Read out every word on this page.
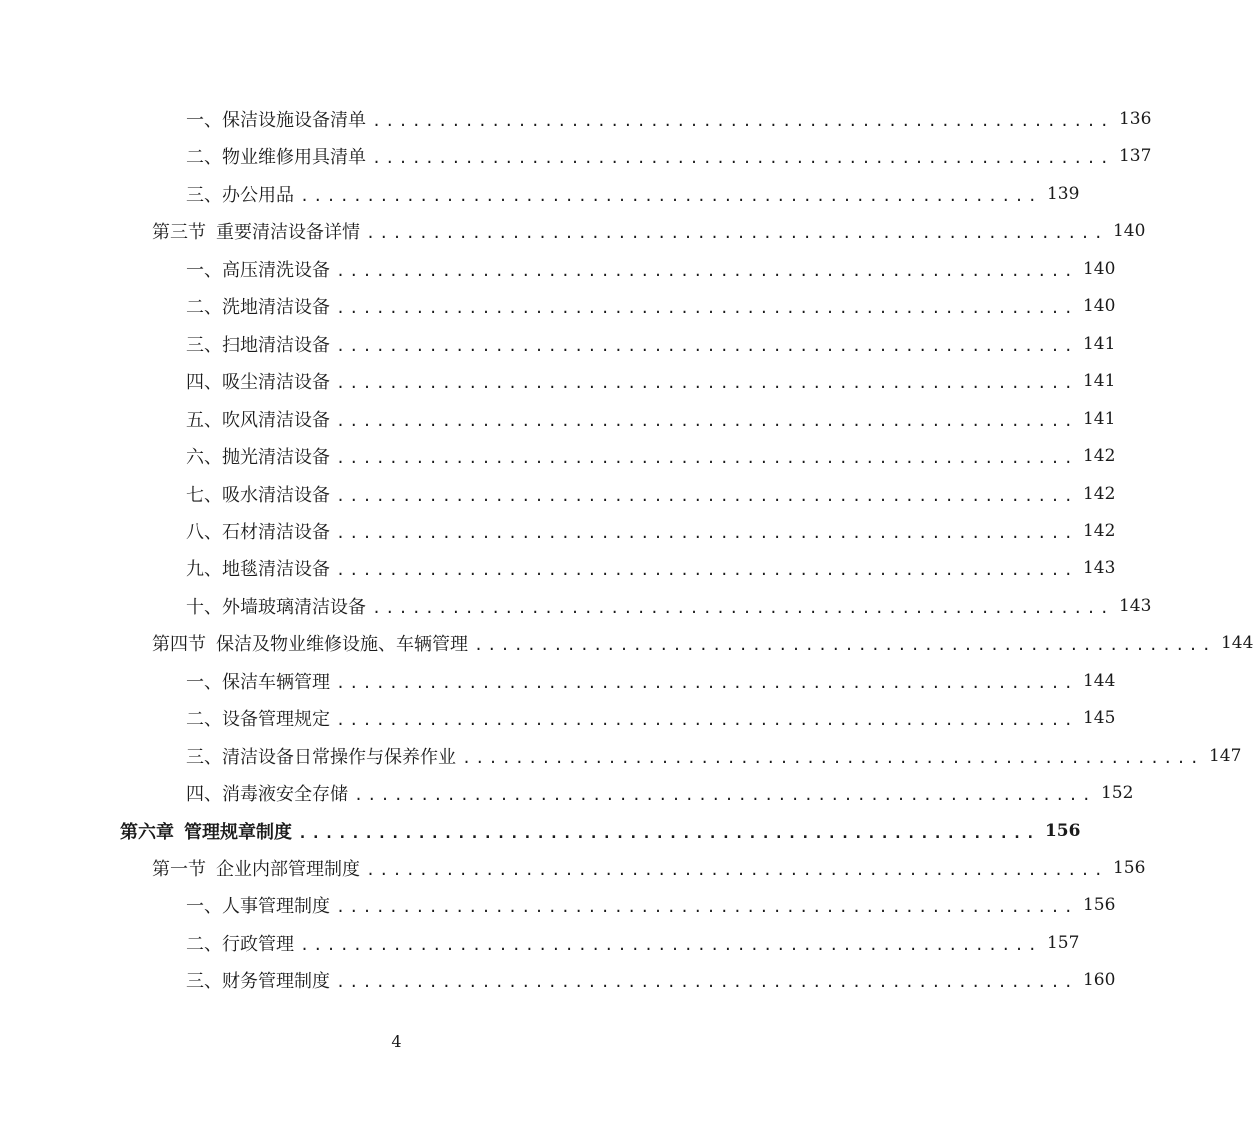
一、 保洁设施设备清单 ........................................................ 136
二、 物业维修用具清单 ........................................................ 137
三、 办公用品 ........................................................ 139
第三节 重要清洁设备详情 ........................................................ 140
一、 高压清洗设备 ........................................................ 140
二、 洗地清洁设备 ........................................................ 140
三、 扫地清洁设备 ........................................................ 141
四、 吸尘清洁设备 ........................................................ 141
五、 吹风清洁设备 ........................................................ 141
六、 抛光清洁设备 ........................................................ 142
七、 吸水清洁设备 ........................................................ 142
八、 石材清洁设备 ........................................................ 142
九、 地毯清洁设备 ........................................................ 143
十、 外墙玻璃清洁设备 ........................................................ 143
第四节 保洁及物业维修设施、车辆管理 ........................................................ 144
一、 保洁车辆管理 ........................................................ 144
二、 设备管理规定 ........................................................ 145
三、 清洁设备日常操作与保养作业 ........................................................ 147
四、 消毒液安全存储 ........................................................ 152
第六章 管理规章制度 ........................................................ 156
第一节 企业内部管理制度 ........................................................ 156
一、 人事管理制度 ........................................................ 156
二、 行政管理 ........................................................ 157
三、 财务管理制度 ........................................................ 160
4
